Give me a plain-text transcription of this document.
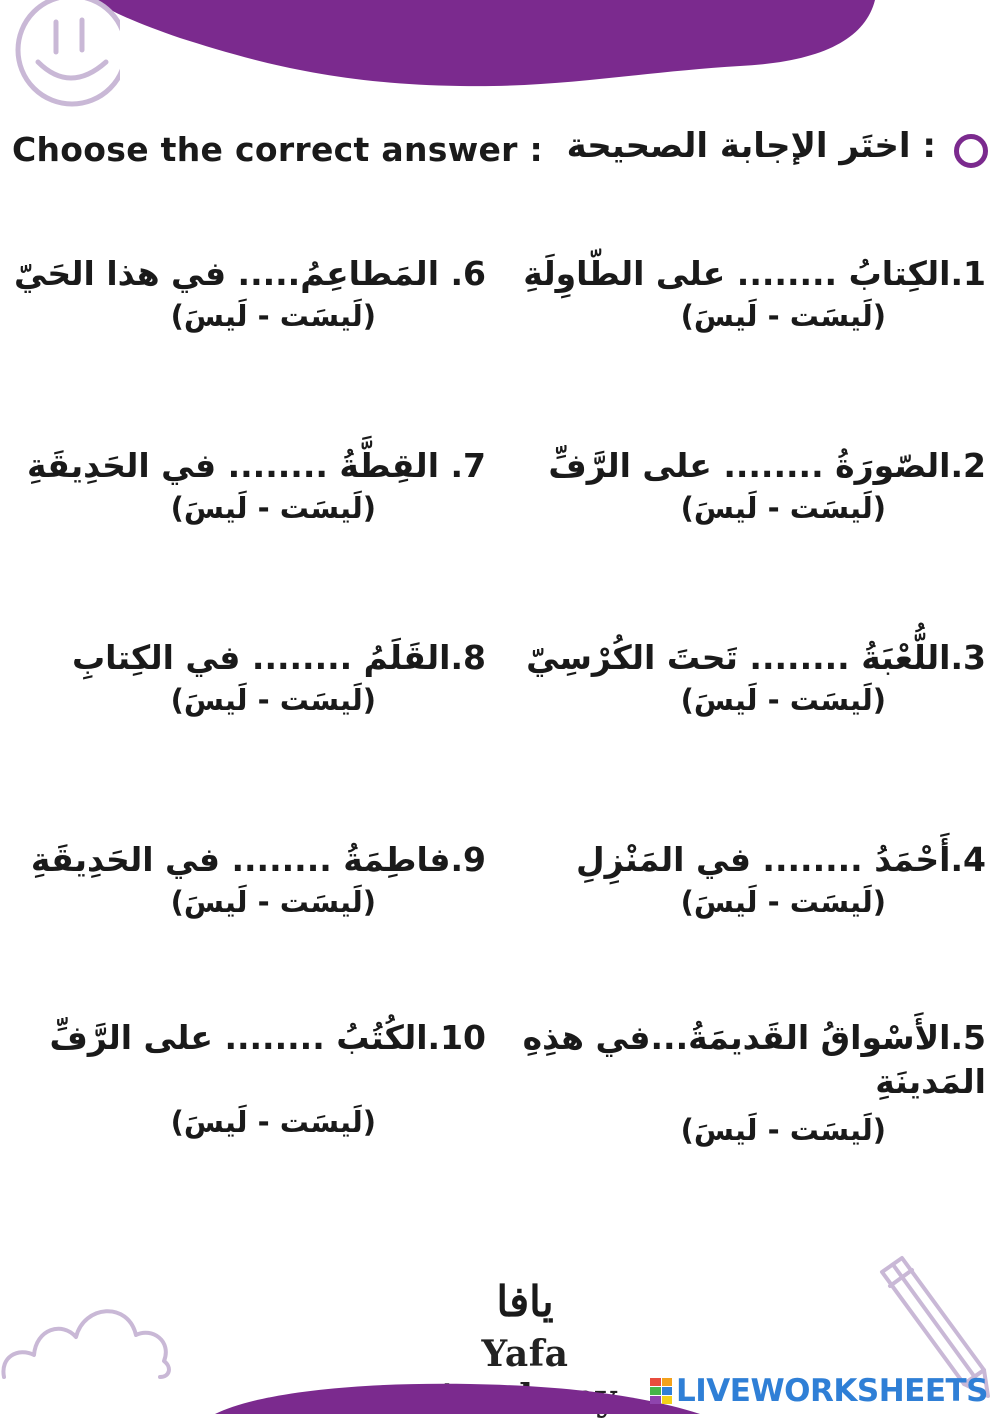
Choose the correct answer : : اختَر الإجابة الصحيحة
1.الكِتابُ ........ على الطّاوِلَةِ
(لَيسَت - لَيسَ)
2.الصّورَةُ ........ على الرَّفِّ
(لَيسَت - لَيسَ)
3.اللُّعْبَةُ ........ تَحتَ الكُرْسِيّ
(لَيسَت - لَيسَ)
4.أَحْمَدُ ........ في المَنْزِلِ
(لَيسَت - لَيسَ)
5.الأَسْواقُ القَديمَةُ...في هذِهِ المَدينَةِ
(لَيسَت - لَيسَ)
6. المَطاعِمُ..... في هذا الحَيّ
(لَيسَت - لَيسَ)
7. القِطَّةُ ........ في الحَدِيقَةِ
(لَيسَت - لَيسَ)
8.القَلَمُ ........ في الكِتابِ
(لَيسَت - لَيسَ)
9.فاطِمَةُ ........ في الحَدِيقَةِ
(لَيسَت - لَيسَ)
10.الكُتُبُ ........ على الرَّفِّ
(لَيسَت - لَيسَ)
يافا
Yafa
LIVEWORKSHEETS
